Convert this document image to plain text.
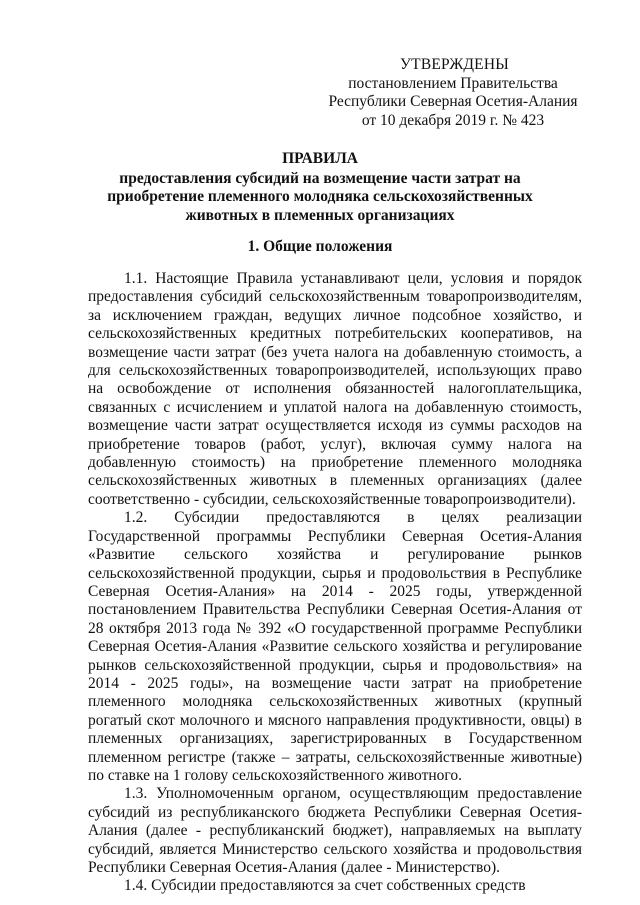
УТВЕРЖДЕНЫ
постановлением Правительства
Республики Северная Осетия-Алания
от 10 декабря 2019 г. № 423
ПРАВИЛА
предоставления субсидий на возмещение части затрат на
приобретение племенного молодняка сельскохозяйственных
животных в племенных организациях
1. Общие положения

1.1. Настоящие Правила устанавливают цели, условия и порядок предоставления субсидий сельскохозяйственным товаропроизводителям, за исключением граждан, ведущих личное подсобное хозяйство, и сельскохозяйственных кредитных потребительских кооперативов, на возмещение части затрат (без учета налога на добавленную стоимость, а для сельскохозяйственных товаропроизводителей, использующих право на освобождение от исполнения обязанностей налогоплательщика, связанных с исчислением и уплатой налога на добавленную стоимость, возмещение части затрат осуществляется исходя из суммы расходов на приобретение товаров (работ, услуг), включая сумму налога на добавленную стоимость) на приобретение племенного молодняка сельскохозяйственных животных в племенных организациях (далее соответственно - субсидии, сельскохозяйственные товаропроизводители).

1.2. Субсидии предоставляются в целях реализации Государственной программы Республики Северная Осетия-Алания «Развитие сельского хозяйства и регулирование рынков сельскохозяйственной продукции, сырья и продовольствия в Республике Северная Осетия-Алания» на 2014 - 2025 годы, утвержденной постановлением Правительства Республики Северная Осетия-Алания от 28 октября 2013 года № 392 «О государственной программе Республики Северная Осетия-Алания «Развитие сельского хозяйства и регулирование рынков сельскохозяйственной продукции, сырья и продовольствия» на 2014 - 2025 годы», на возмещение части затрат на приобретение племенного молодняка сельскохозяйственных животных (крупный рогатый скот молочного и мясного направления продуктивности, овцы) в племенных организациях, зарегистрированных в Государственном племенном регистре (также – затраты, сельскохозяйственные животные) по ставке на 1 голову сельскохозяйственного животного.

1.3. Уполномоченным органом, осуществляющим предоставление субсидий из республиканского бюджета Республики Северная Осетия-Алания (далее - республиканский бюджет), направляемых на выплату субсидий, является Министерство сельского хозяйства и продовольствия Республики Северная Осетия-Алания (далее - Министерство).

1.4. Субсидии предоставляются за счет собственных средств
